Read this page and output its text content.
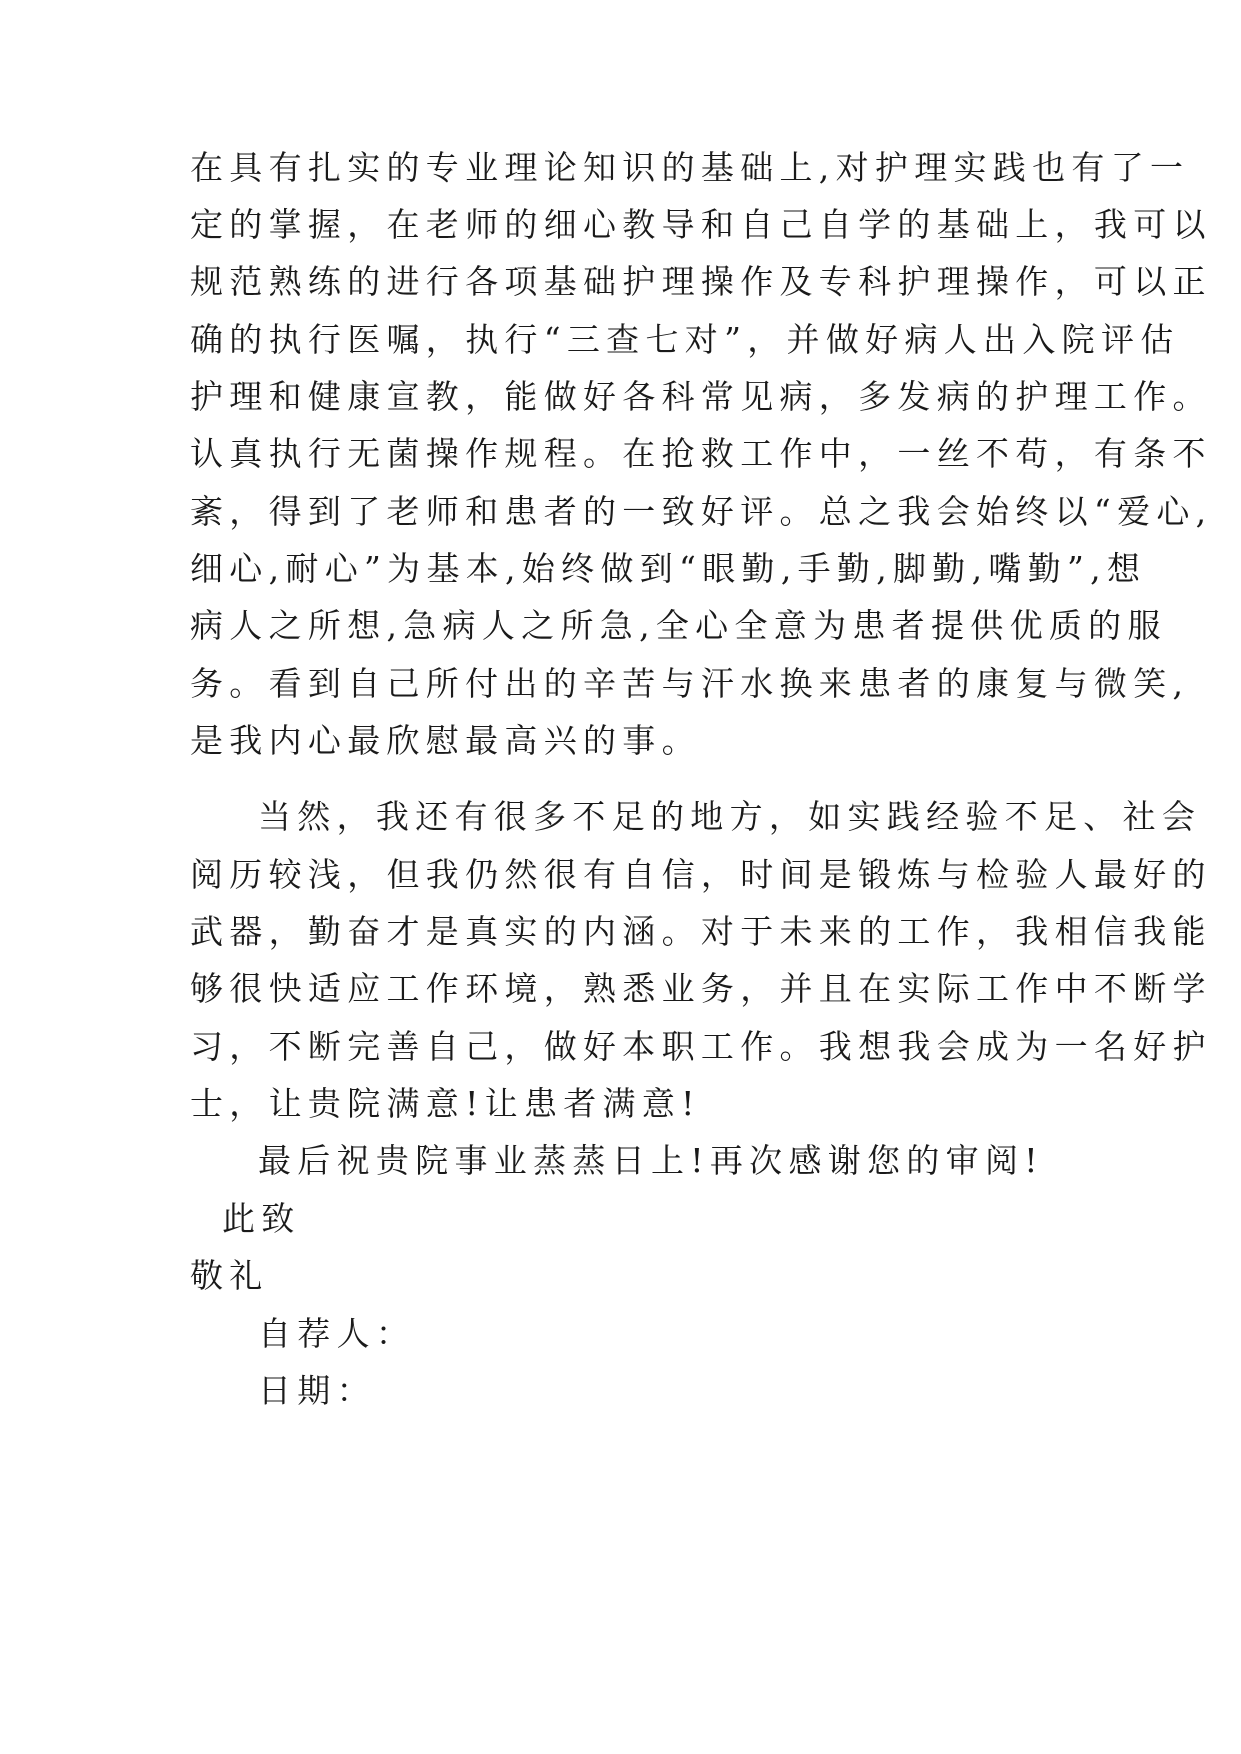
在具有扎实的专业理论知识的基础上,对护理实践也有了一
定的掌握，在老师的细心教导和自己自学的基础上，我可以
规范熟练的进行各项基础护理操作及专科护理操作，可以正
确的执行医嘱，执行“三查七对”，并做好病人出入院评估
护理和健康宣教，能做好各科常见病，多发病的护理工作。
认真执行无菌操作规程。在抢救工作中，一丝不苟，有条不
紊，得到了老师和患者的一致好评。总之我会始终以“爱心,
细心,耐心”为基本,始终做到“眼勤,手勤,脚勤,嘴勤”,想
病人之所想,急病人之所急,全心全意为患者提供优质的服
务。看到自己所付出的辛苦与汗水换来患者的康复与微笑,
是我内心最欣慰最高兴的事。
当然，我还有很多不足的地方，如实践经验不足、社会
阅历较浅，但我仍然很有自信，时间是锻炼与检验人最好的
武器，勤奋才是真实的内涵。对于未来的工作，我相信我能
够很快适应工作环境，熟悉业务，并且在实际工作中不断学
习，不断完善自己，做好本职工作。我想我会成为一名好护
士，让贵院满意!让患者满意!
最后祝贵院事业蒸蒸日上!再次感谢您的审阅!
此致
敬礼
自荐人：
日期：
